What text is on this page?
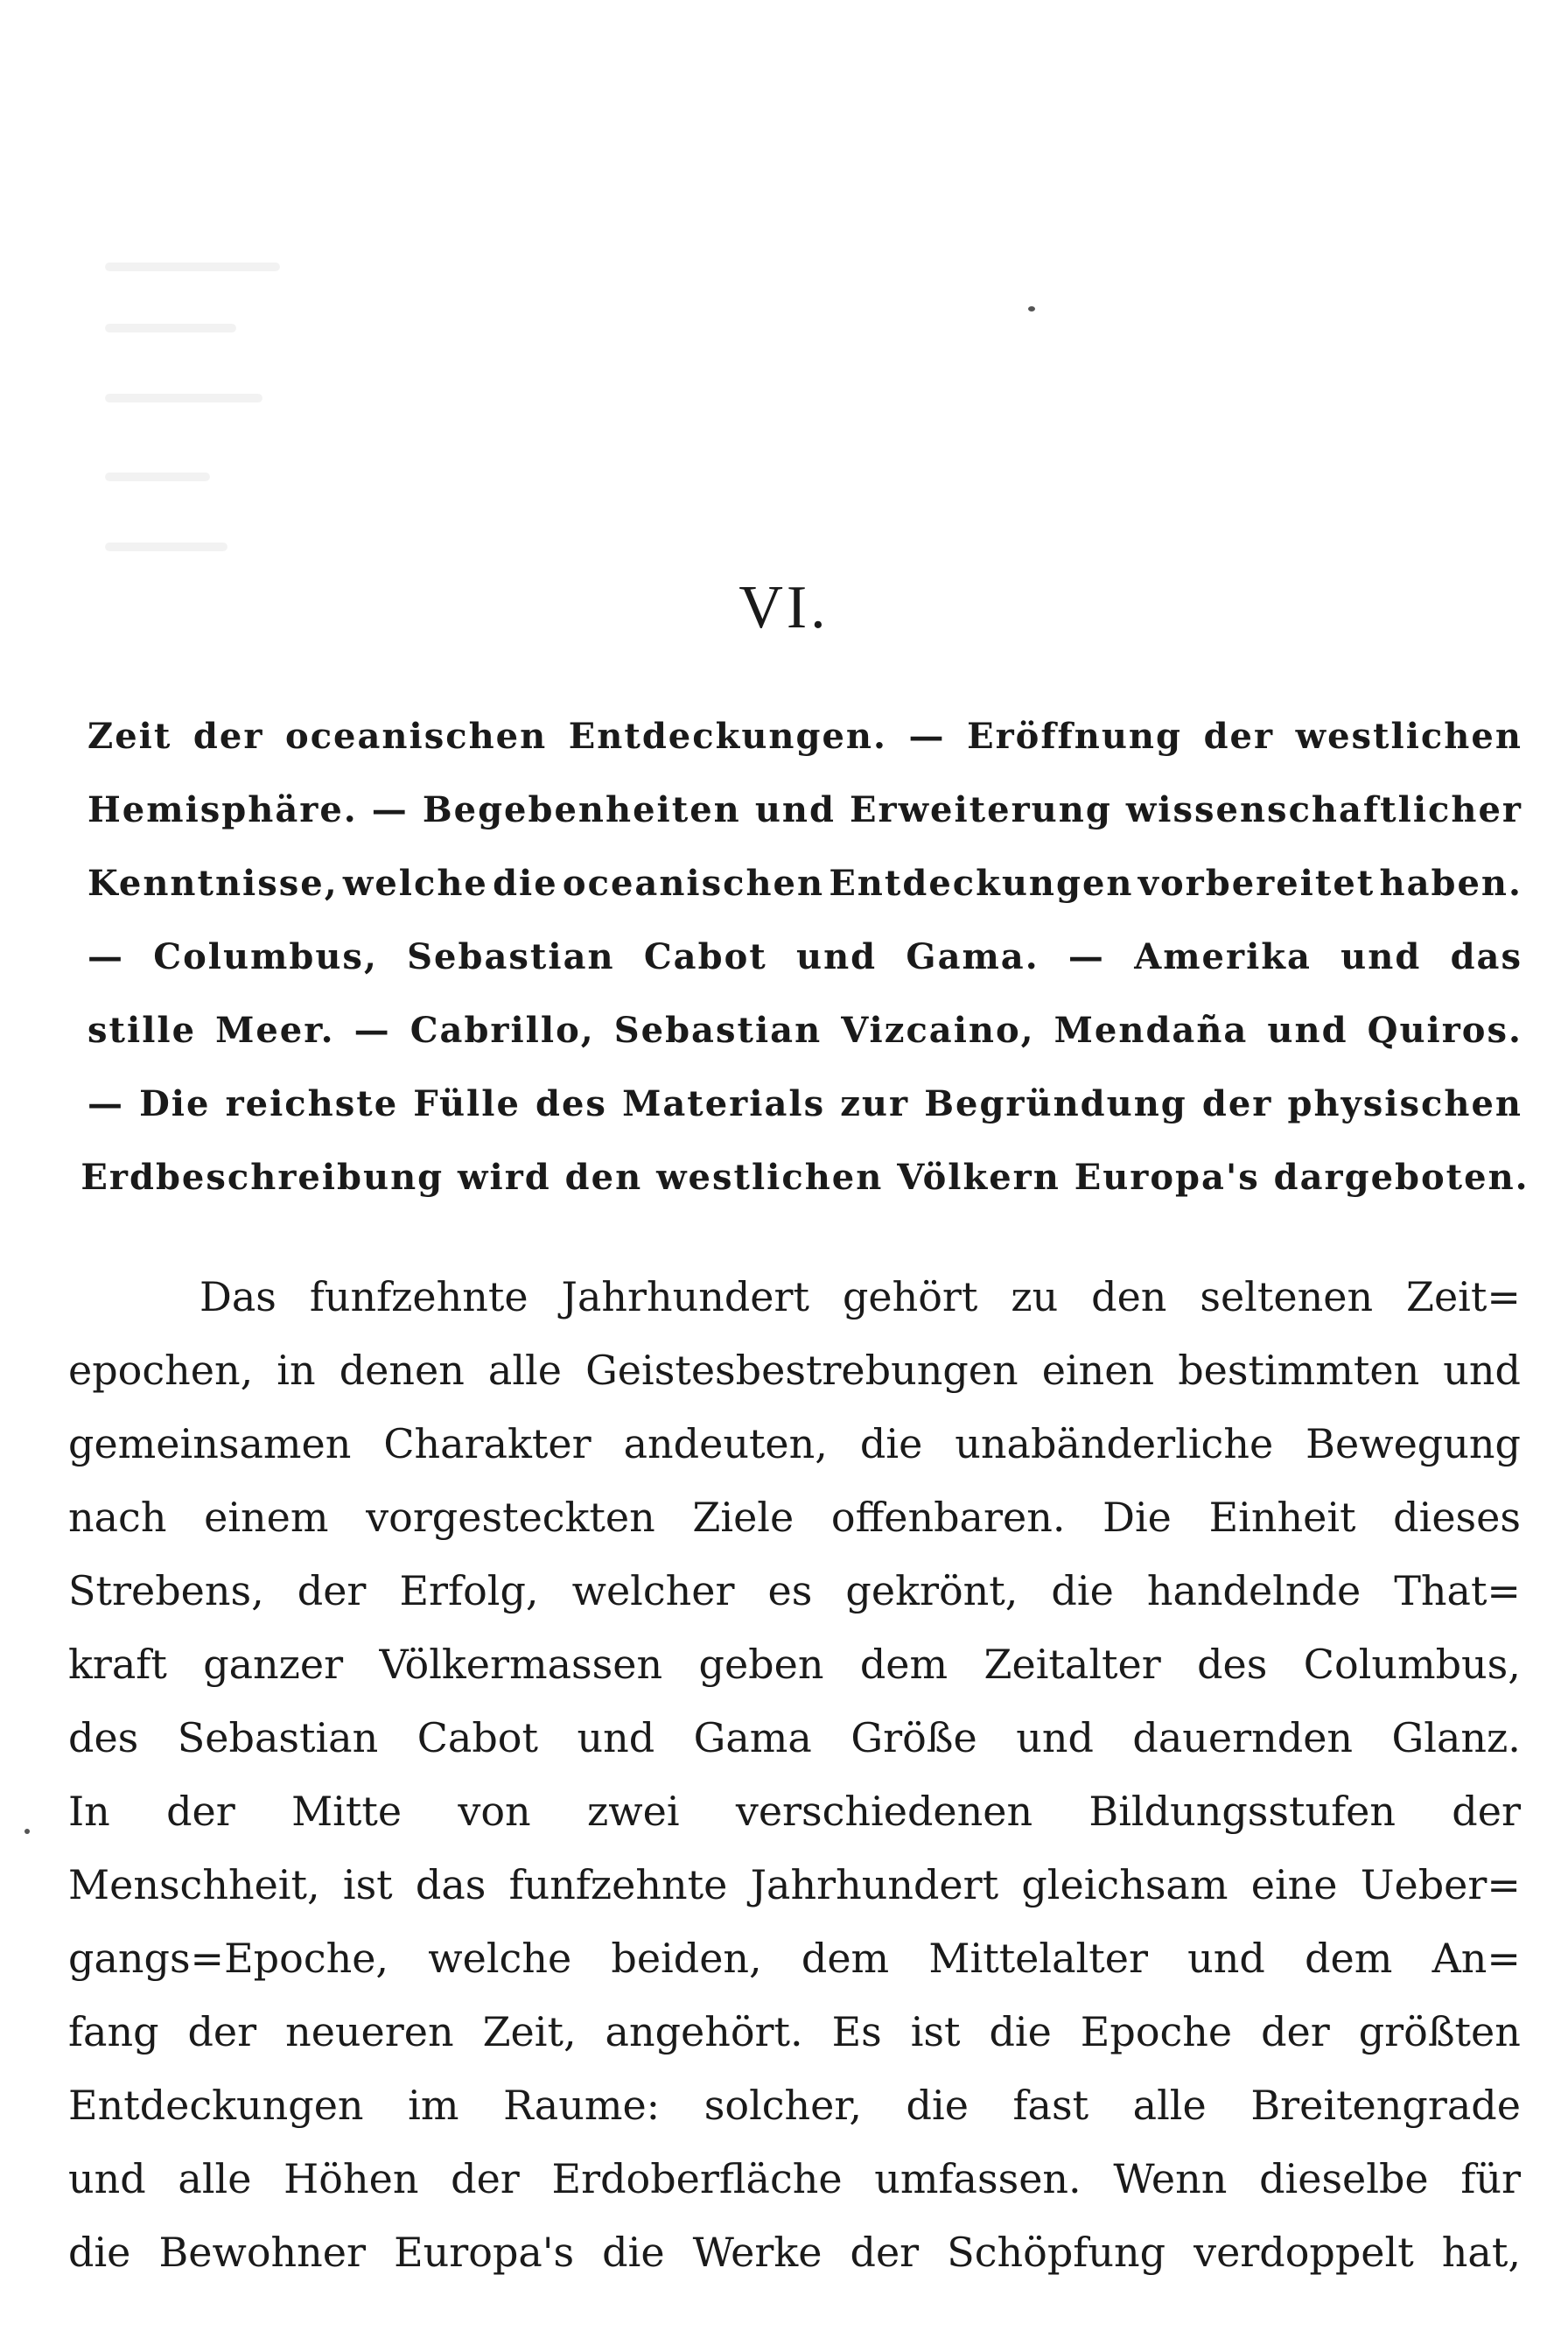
VI.
Zeit der oceanischen Entdeckungen. — Eröffnung der westlichen
Hemisphäre. — Begebenheiten und Erweiterung wissenschaftlicher
Kenntnisse, welche die oceanischen Entdeckungen vorbereitet haben.
— Columbus, Sebastian Cabot und Gama. — Amerika und das
stille Meer. — Cabrillo, Sebastian Vizcaino, Mendaña und Quiros.
— Die reichste Fülle des Materials zur Begründung der physischen
Erdbeschreibung wird den westlichen Völkern Europa's dargeboten.
Das funfzehnte Jahrhundert gehört zu den seltenen Zeit=
epochen, in denen alle Geistesbestrebungen einen bestimmten und
gemeinsamen Charakter andeuten, die unabänderliche Bewegung
nach einem vorgesteckten Ziele offenbaren. Die Einheit dieses
Strebens, der Erfolg, welcher es gekrönt, die handelnde That=
kraft ganzer Völkermassen geben dem Zeitalter des Columbus,
des Sebastian Cabot und Gama Größe und dauernden Glanz.
In der Mitte von zwei verschiedenen Bildungsstufen der
Menschheit, ist das funfzehnte Jahrhundert gleichsam eine Ueber=
gangs=Epoche, welche beiden, dem Mittelalter und dem An=
fang der neueren Zeit, angehört. Es ist die Epoche der größten
Entdeckungen im Raume: solcher, die fast alle Breitengrade
und alle Höhen der Erdoberfläche umfassen. Wenn dieselbe für
die Bewohner Europa's die Werke der Schöpfung verdoppelt hat,
